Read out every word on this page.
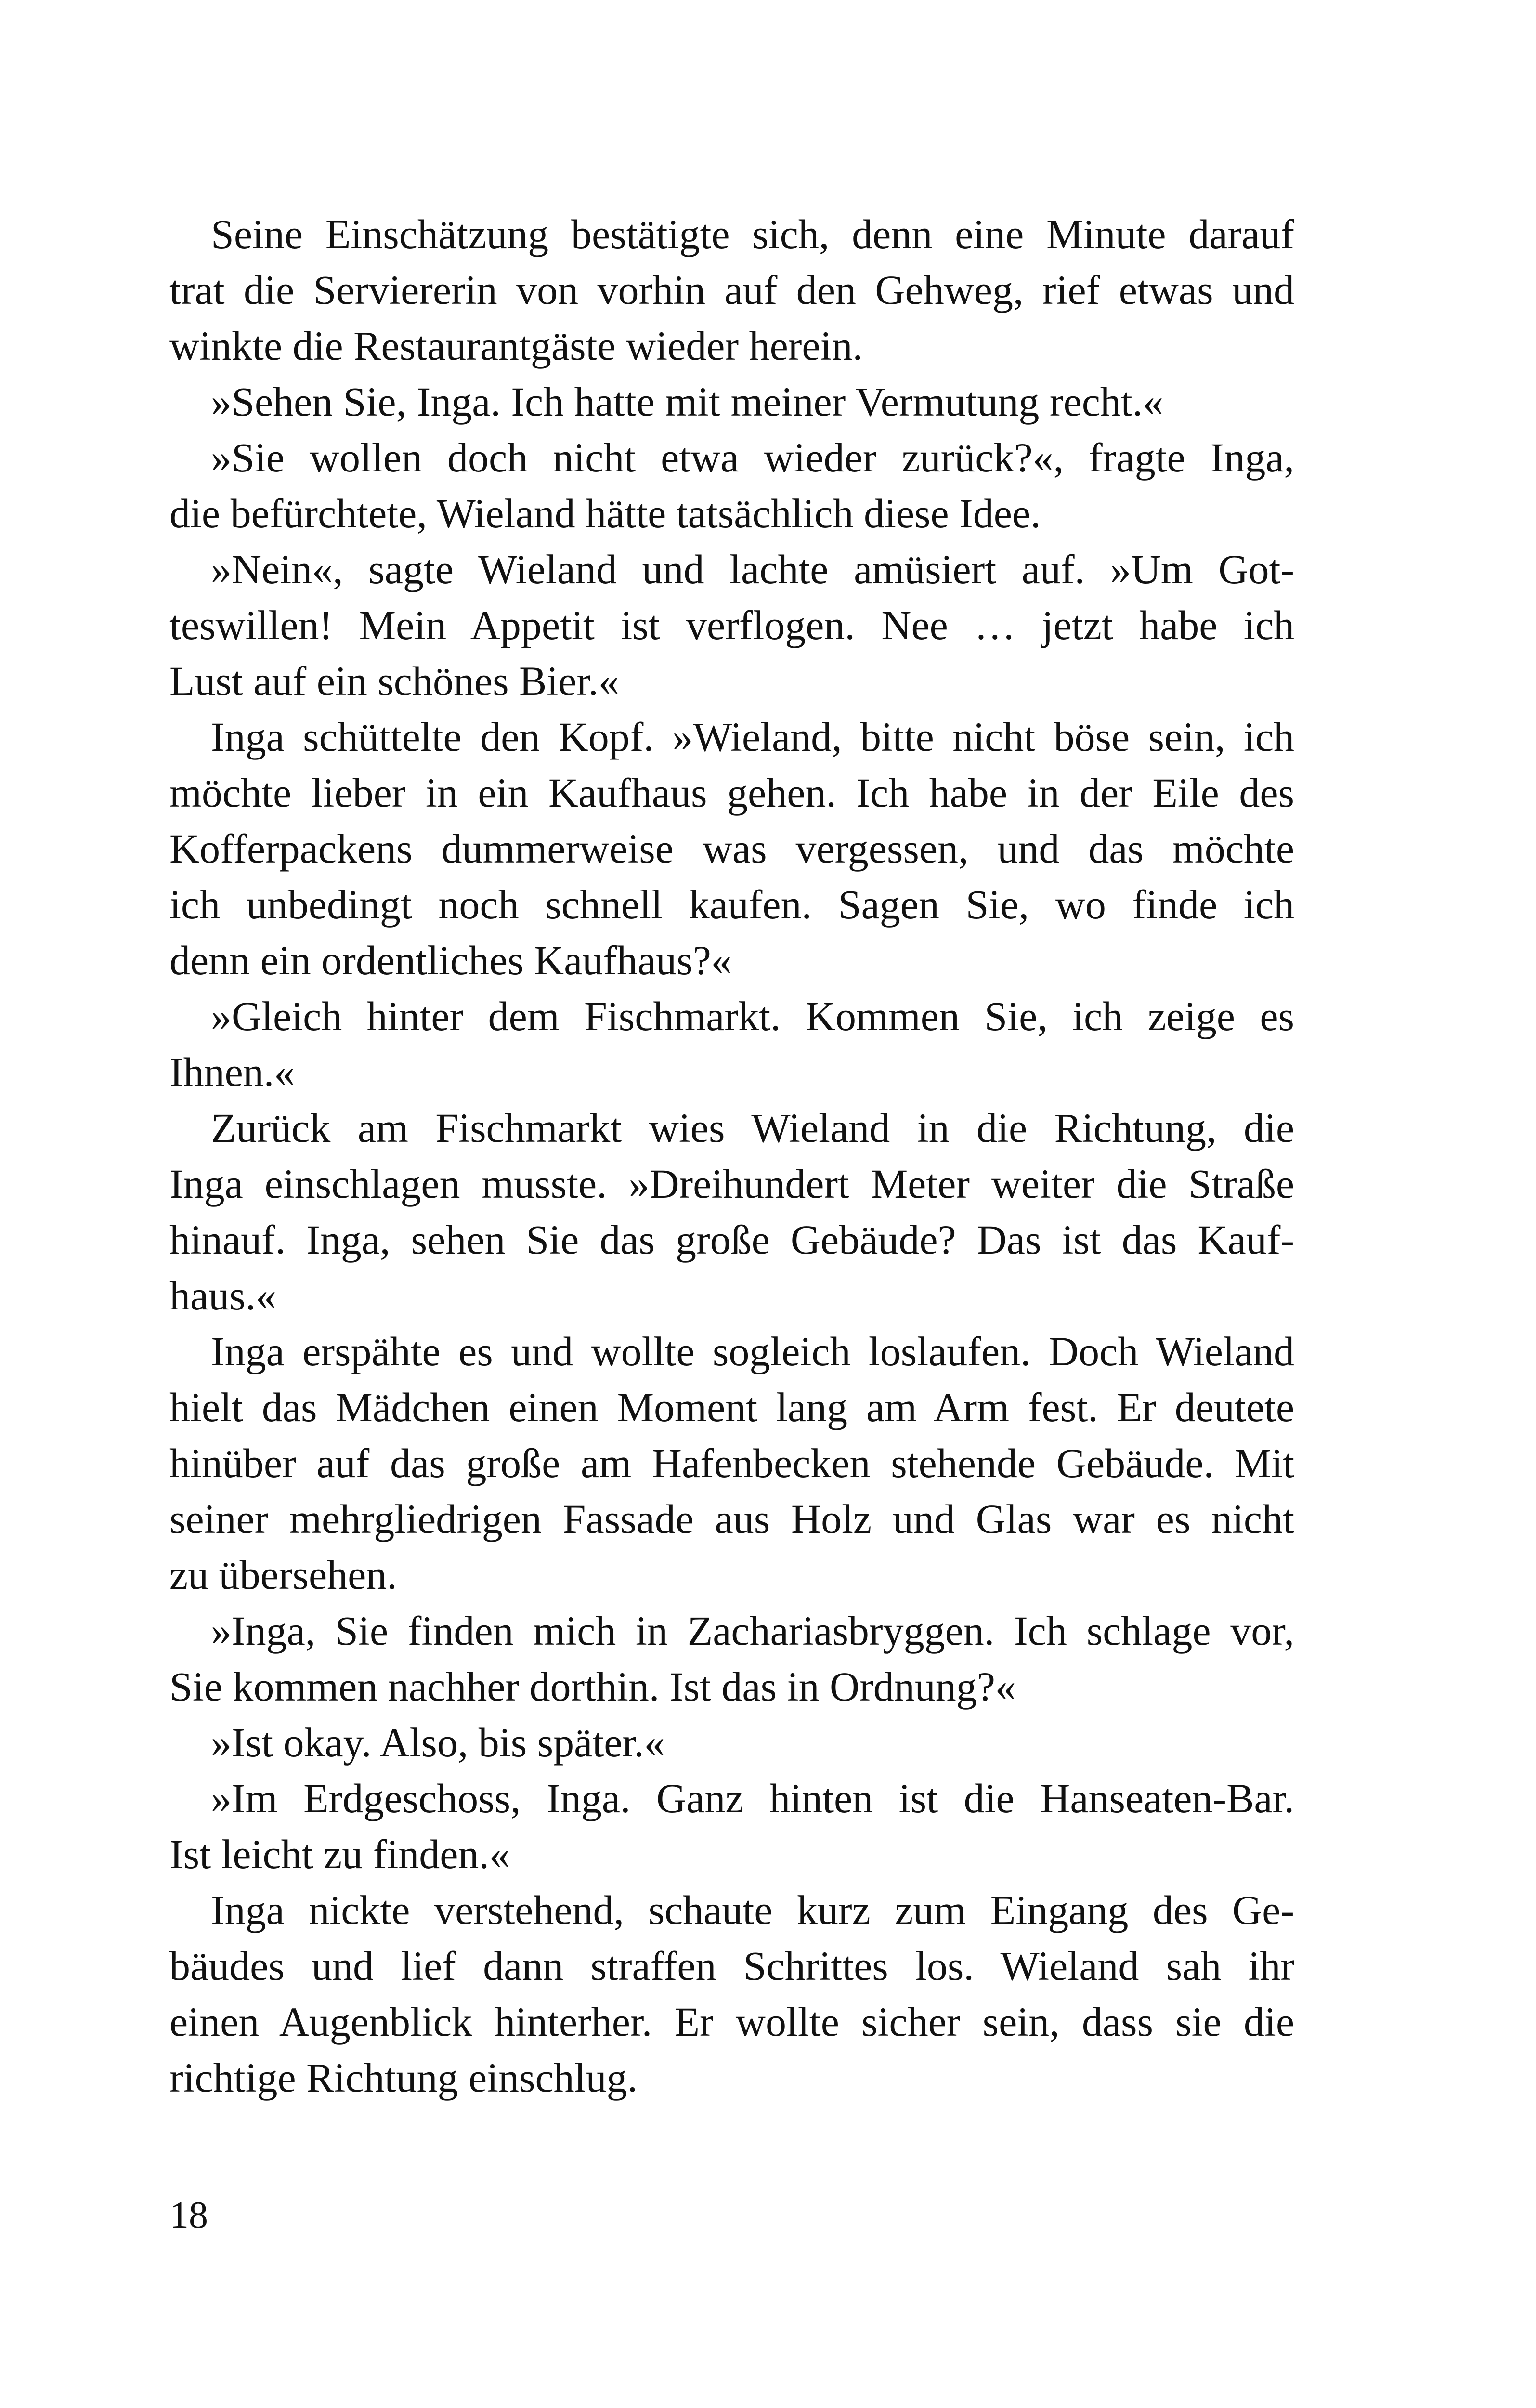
Seine Einschätzung bestätigte sich, denn eine Minute darauf
trat die Serviererin von vorhin auf den Gehweg, rief etwas und
winkte die Restaurantgäste wieder herein.
»Sehen Sie, Inga. Ich hatte mit meiner Vermutung recht.«
»Sie wollen doch nicht etwa wieder zurück?«, fragte Inga,
die befürchtete, Wieland hätte tatsächlich diese Idee.
»Nein«, sagte Wieland und lachte amüsiert auf. »Um Got-
teswillen! Mein Appetit ist verflogen. Nee … jetzt habe ich
Lust auf ein schönes Bier.«
Inga schüttelte den Kopf. »Wieland, bitte nicht böse sein, ich
möchte lieber in ein Kaufhaus gehen. Ich habe in der Eile des
Kofferpackens dummerweise was vergessen, und das möchte
ich unbedingt noch schnell kaufen. Sagen Sie, wo finde ich
denn ein ordentliches Kaufhaus?«
»Gleich hinter dem Fischmarkt. Kommen Sie, ich zeige es
Ihnen.«
Zurück am Fischmarkt wies Wieland in die Richtung, die
Inga einschlagen musste. »Dreihundert Meter weiter die Straße
hinauf. Inga, sehen Sie das große Gebäude? Das ist das Kauf-
haus.«
Inga erspähte es und wollte sogleich loslaufen. Doch Wieland
hielt das Mädchen einen Moment lang am Arm fest. Er deutete
hinüber auf das große am Hafenbecken stehende Gebäude. Mit
seiner mehrgliedrigen Fassade aus Holz und Glas war es nicht
zu übersehen.
»Inga, Sie finden mich in Zachariasbryggen. Ich schlage vor,
Sie kommen nachher dorthin. Ist das in Ordnung?«
»Ist okay. Also, bis später.«
»Im Erdgeschoss, Inga. Ganz hinten ist die Hanseaten-Bar.
Ist leicht zu finden.«
Inga nickte verstehend, schaute kurz zum Eingang des Ge-
bäudes und lief dann straffen Schrittes los. Wieland sah ihr
einen Augenblick hinterher. Er wollte sicher sein, dass sie die
richtige Richtung einschlug.
18
